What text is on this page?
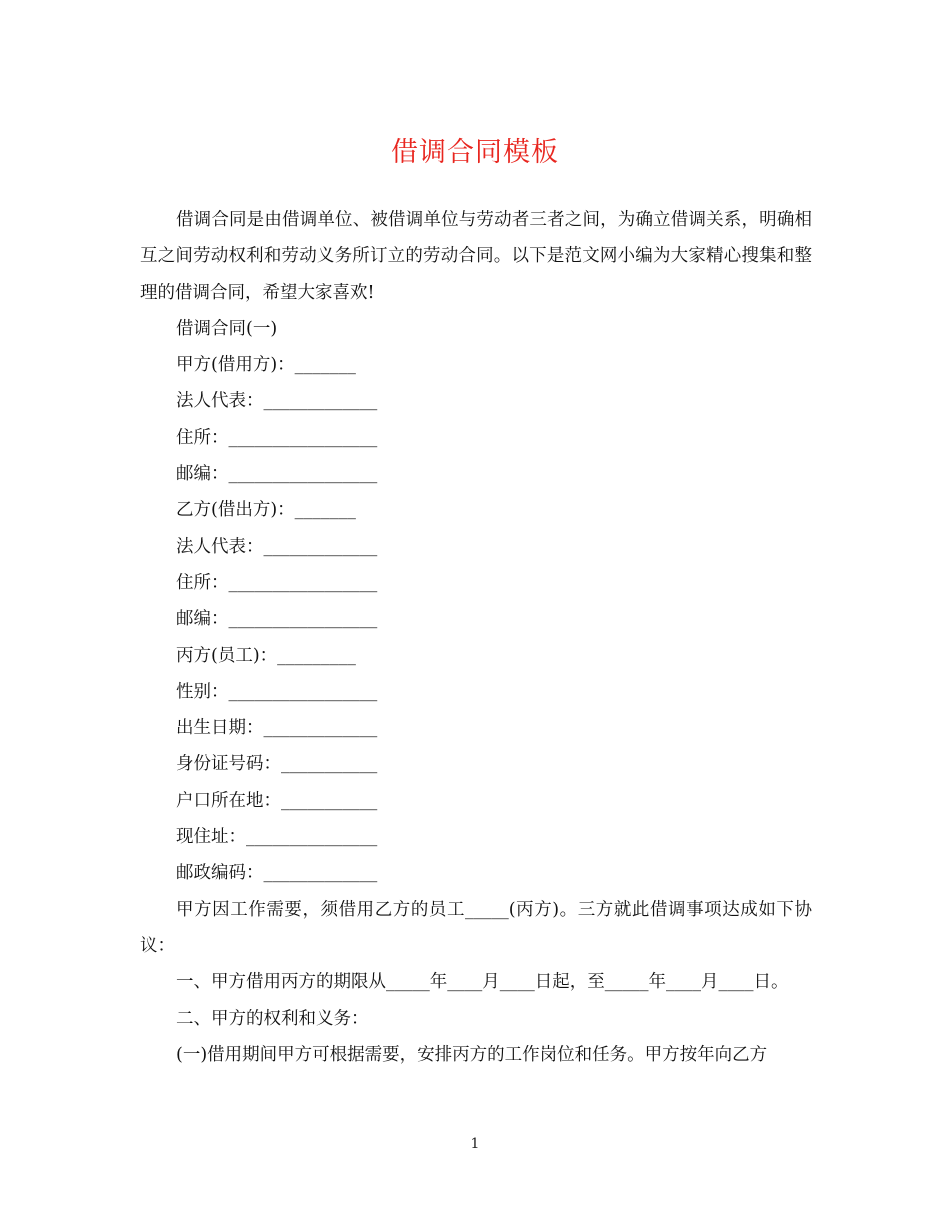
借调合同模板

借调合同是由借调单位、被借调单位与劳动者三者之间，为确立借调关系，明确相互之间劳动权利和劳动义务所订立的劳动合同。以下是范文网小编为大家精心搜集和整理的借调合同，希望大家喜欢!

借调合同(一)

甲方(借用方)：_______

法人代表：_____________

住所：_________________

邮编：_________________

乙方(借出方)：_______

法人代表：_____________

住所：_________________

邮编：_________________

丙方(员工)：_________

性别：_________________

出生日期：_____________

身份证号码：___________

户口所在地：___________

现住址：_______________

邮政编码：_____________

甲方因工作需要，须借用乙方的员工_____(丙方)。三方就此借调事项达成如下协议：

一、甲方借用丙方的期限从_____年____月____日起，至_____年____月____日。

二、甲方的权利和义务：

(一)借用期间甲方可根据需要，安排丙方的工作岗位和任务。甲方按年向乙方

1
